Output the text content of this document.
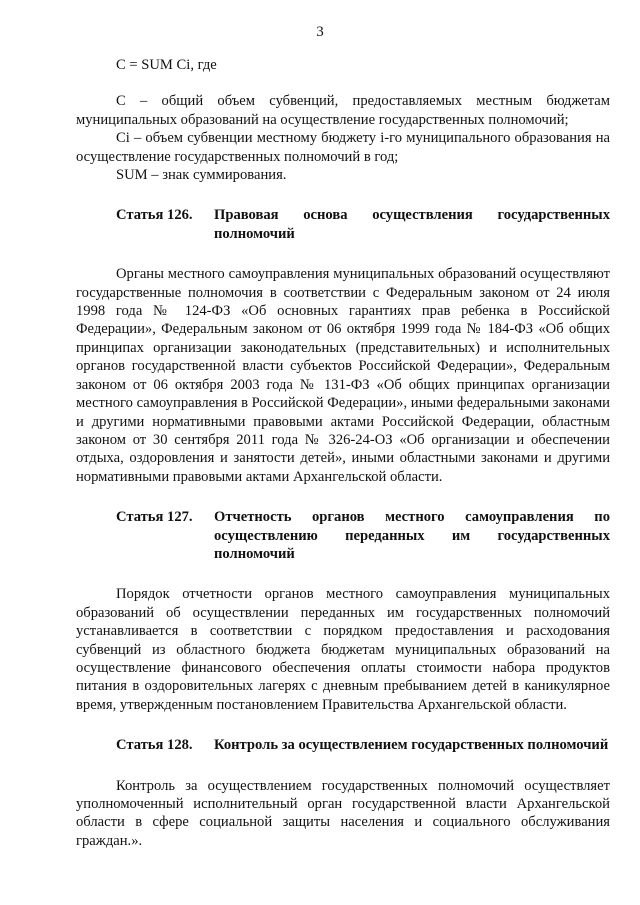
3

С = SUM Сi, где

С – общий объем субвенций, предоставляемых местным бюджетам муниципальных образований на осуществление государственных полномочий;

Сi – объем субвенции местному бюджету i-го муниципального образования на осуществление государственных полномочий в год;

SUM – знак суммирования.

Статья 126.	Правовая основа осуществления государственных полномочий

Органы местного самоуправления муниципальных образований осуществляют государственные полномочия в соответствии с Федеральным законом от 24 июля 1998 года № 124-ФЗ «Об основных гарантиях прав ребенка в Российской Федерации», Федеральным законом от 06 октября 1999 года № 184-ФЗ «Об общих принципах организации законодательных (представительных) и исполнительных органов государственной власти субъектов Российской Федерации», Федеральным законом от 06 октября 2003 года № 131-ФЗ «Об общих принципах организации местного самоуправления в Российской Федерации», иными федеральными законами и другими нормативными правовыми актами Российской Федерации, областным законом от 30 сентября 2011 года № 326-24-ОЗ «Об организации и обеспечении отдыха, оздоровления и занятости детей», иными областными законами и другими нормативными правовыми актами Архангельской области.

Статья 127.	Отчетность органов местного самоуправления по осуществлению переданных им государственных полномочий

Порядок отчетности органов местного самоуправления муниципальных образований об осуществлении переданных им государственных полномочий устанавливается в соответствии с порядком предоставления и расходования субвенций из областного бюджета бюджетам муниципальных образований на осуществление финансового обеспечения оплаты стоимости набора продуктов питания в оздоровительных лагерях с дневным пребыванием детей в каникулярное время, утвержденным постановлением Правительства Архангельской области.

Статья 128.	Контроль за осуществлением государственных полномочий

Контроль за осуществлением государственных полномочий осуществляет уполномоченный исполнительный орган государственной власти Архангельской области в сфере социальной защиты населения и социального обслуживания граждан.».
